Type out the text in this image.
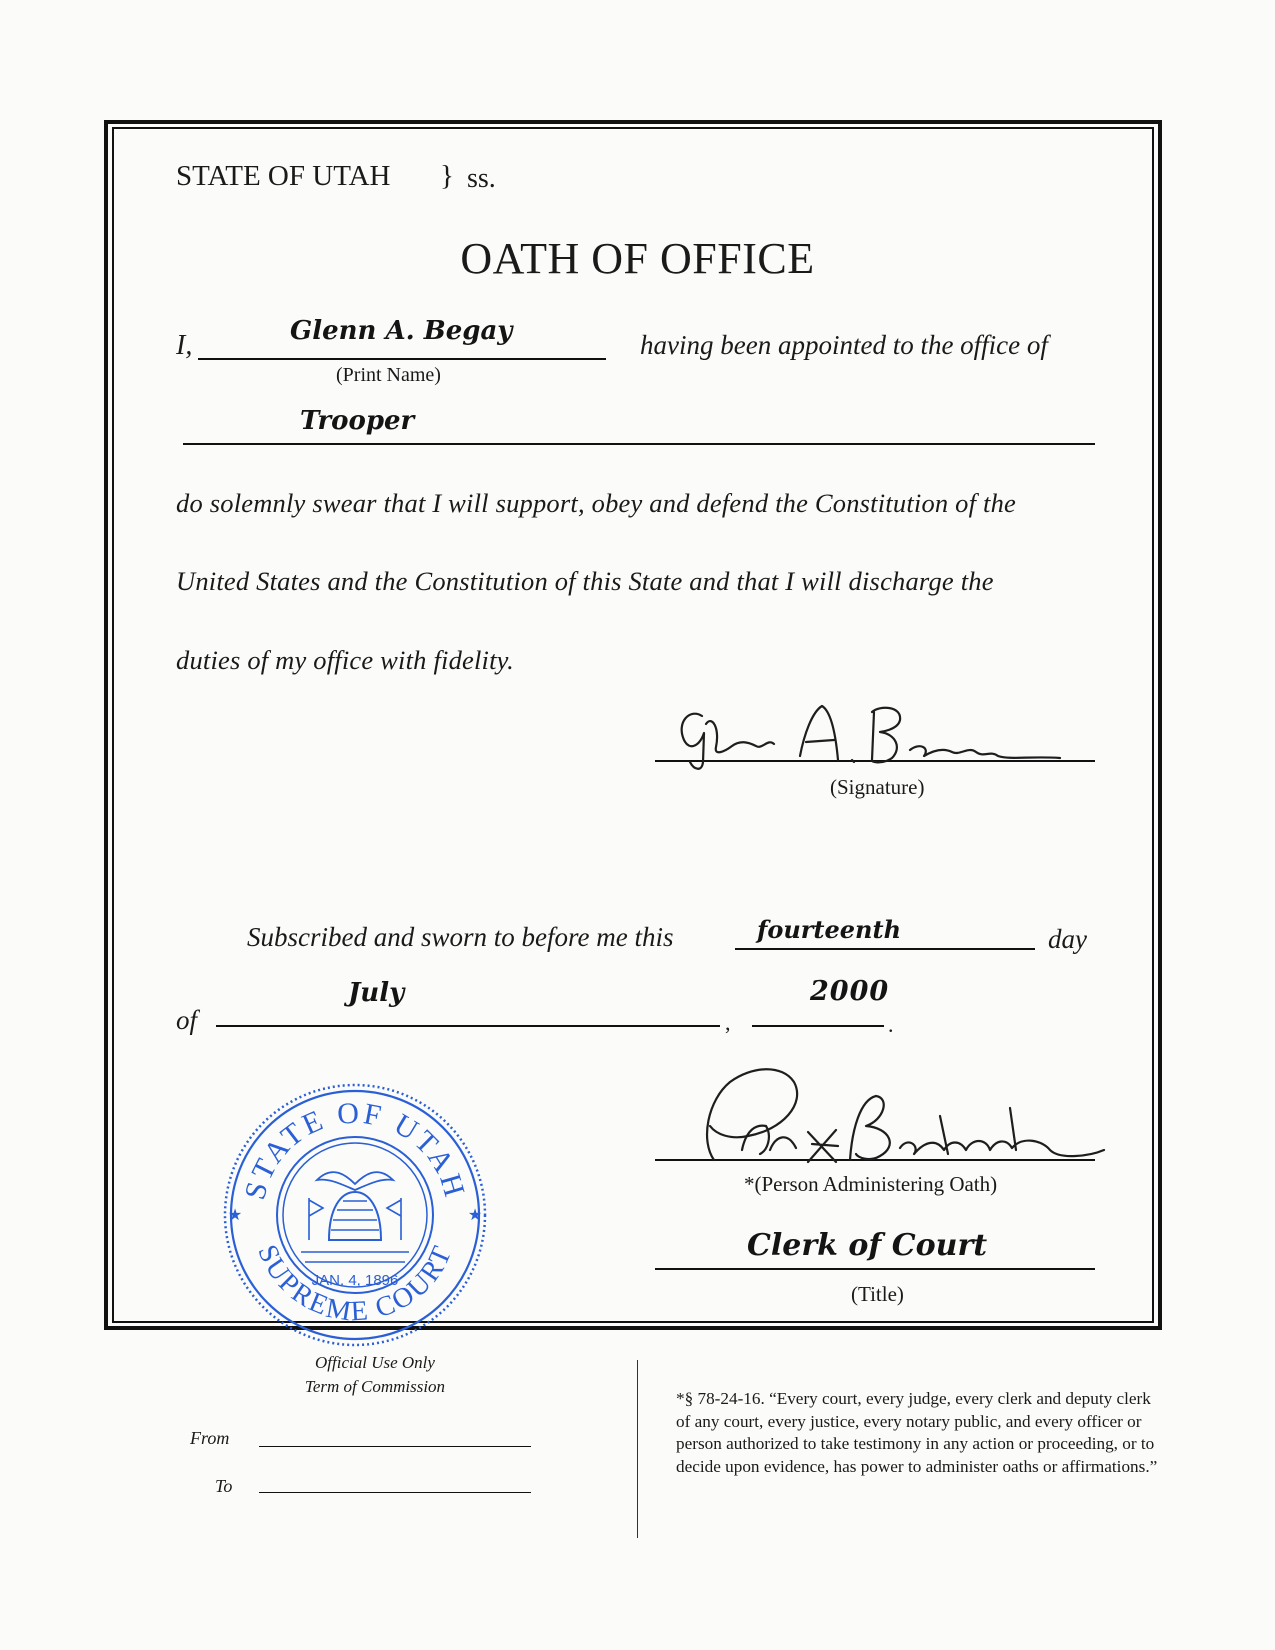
STATE OF UTAH } ss.
OATH OF OFFICE
I,	Glenn A. Begay
(Print Name)
having been appointed to the office of
Trooper
do solemnly swear that I will support, obey and defend the Constitution of the
United States and the Constitution of this State and that I will discharge the
duties of my office with fidelity.
(Signature)
Subscribed and sworn to before me this	fourteenth	day
of
July
,
2000
.
*(Person Administering Oath)
Clerk of Court
(Title)
STATE OF UTAH
SUPREME COURT
JAN. 4, 1896
★	★
Official Use Only
Term of Commission
From
To
*§ 78-24-16. “Every court, every judge, every clerk and deputy clerk of any court, every justice, every notary public, and every officer or person authorized to take testimony in any action or proceeding, or to decide upon evidence, has power to administer oaths or affirmations.”
